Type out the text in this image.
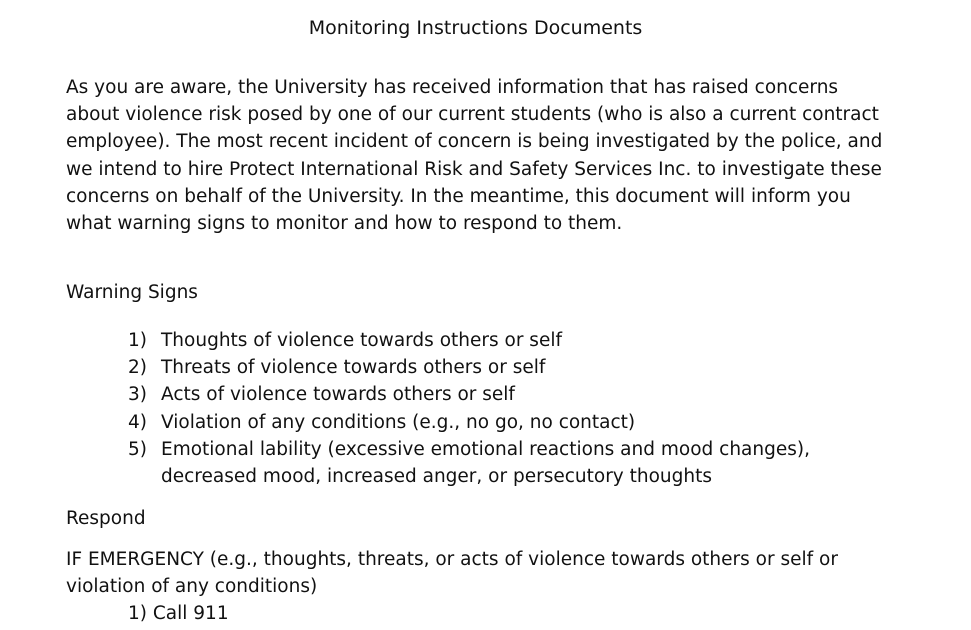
Monitoring Instructions Documents

As you are aware, the University has received information that has raised concerns about violence risk posed by one of our current students (who is also a current contract employee). The most recent incident of concern is being investigated by the police, and we intend to hire Protect International Risk and Safety Services Inc. to investigate these concerns on behalf of the University. In the meantime, this document will inform you what warning signs to monitor and how to respond to them.

Warning Signs
1) Thoughts of violence towards others or self
2) Threats of violence towards others or self
3) Acts of violence towards others or self
4) Violation of any conditions (e.g., no go, no contact)
5) Emotional lability (excessive emotional reactions and mood changes), decreased mood, increased anger, or persecutory thoughts
Respond

IF EMERGENCY (e.g., thoughts, threats, or acts of violence towards others or self or violation of any conditions)

1) Call 911
